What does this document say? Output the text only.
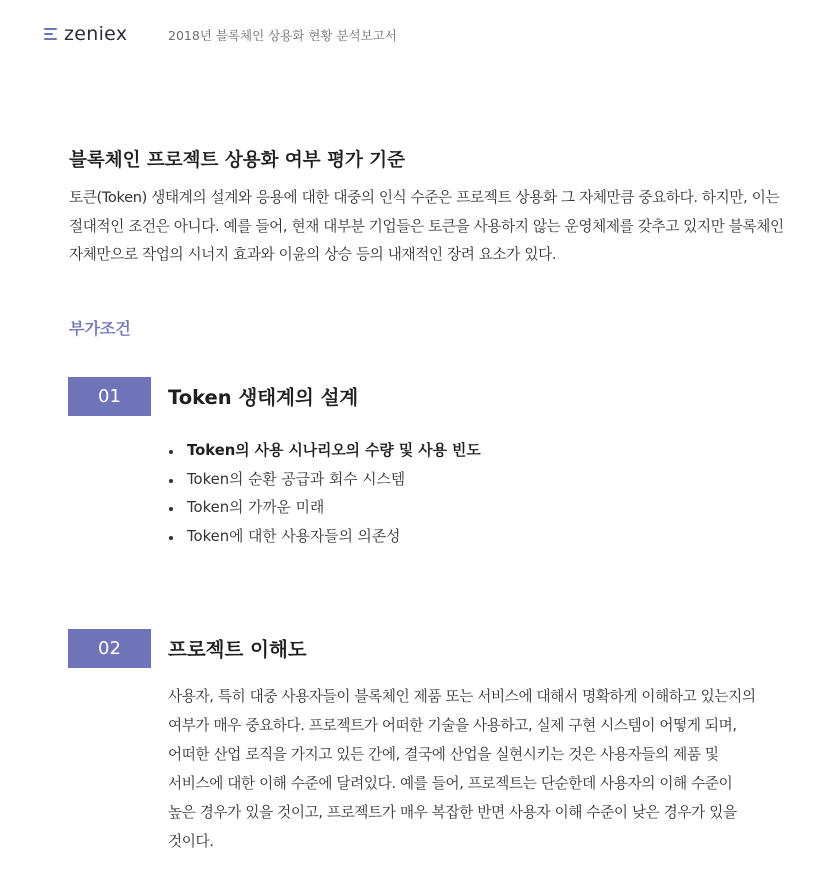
zeniex	2018년 블록체인 상용화 현황 분석보고서
블록체인 프로젝트 상용화 여부 평가 기준
토큰(Token) 생태계의 설계와 응용에 대한 대중의 인식 수준은 프로젝트 상용화 그 자체만큼 중요하다. 하지만, 이는 절대적인 조건은 아니다. 예를 들어, 현재 대부분 기업들은 토큰을 사용하지 않는 운영체제를 갖추고 있지만 블록체인 자체만으로 작업의 시너지 효과와 이윤의 상승 등의 내재적인 장려 요소가 있다.
부가조건
01	Token 생태계의 설계
Token의 사용 시나리오의 수량 및 사용 빈도
Token의 순환 공급과 회수 시스템
Token의 가까운 미래
Token에 대한 사용자들의 의존성
02	프로젝트 이해도
사용자, 특히 대중 사용자들이 블록체인 제품 또는 서비스에 대해서 명확하게 이해하고 있는지의 여부가 매우 중요하다. 프로젝트가 어떠한 기술을 사용하고, 실제 구현 시스템이 어떻게 되며, 어떠한 산업 로직을 가지고 있든 간에, 결국에 산업을 실현시키는 것은 사용자들의 제품 및 서비스에 대한 이해 수준에 달려있다. 예를 들어, 프로젝트는 단순한데 사용자의 이해 수준이 높은 경우가 있을 것이고, 프로젝트가 매우 복잡한 반면 사용자 이해 수준이 낮은 경우가 있을 것이다.
